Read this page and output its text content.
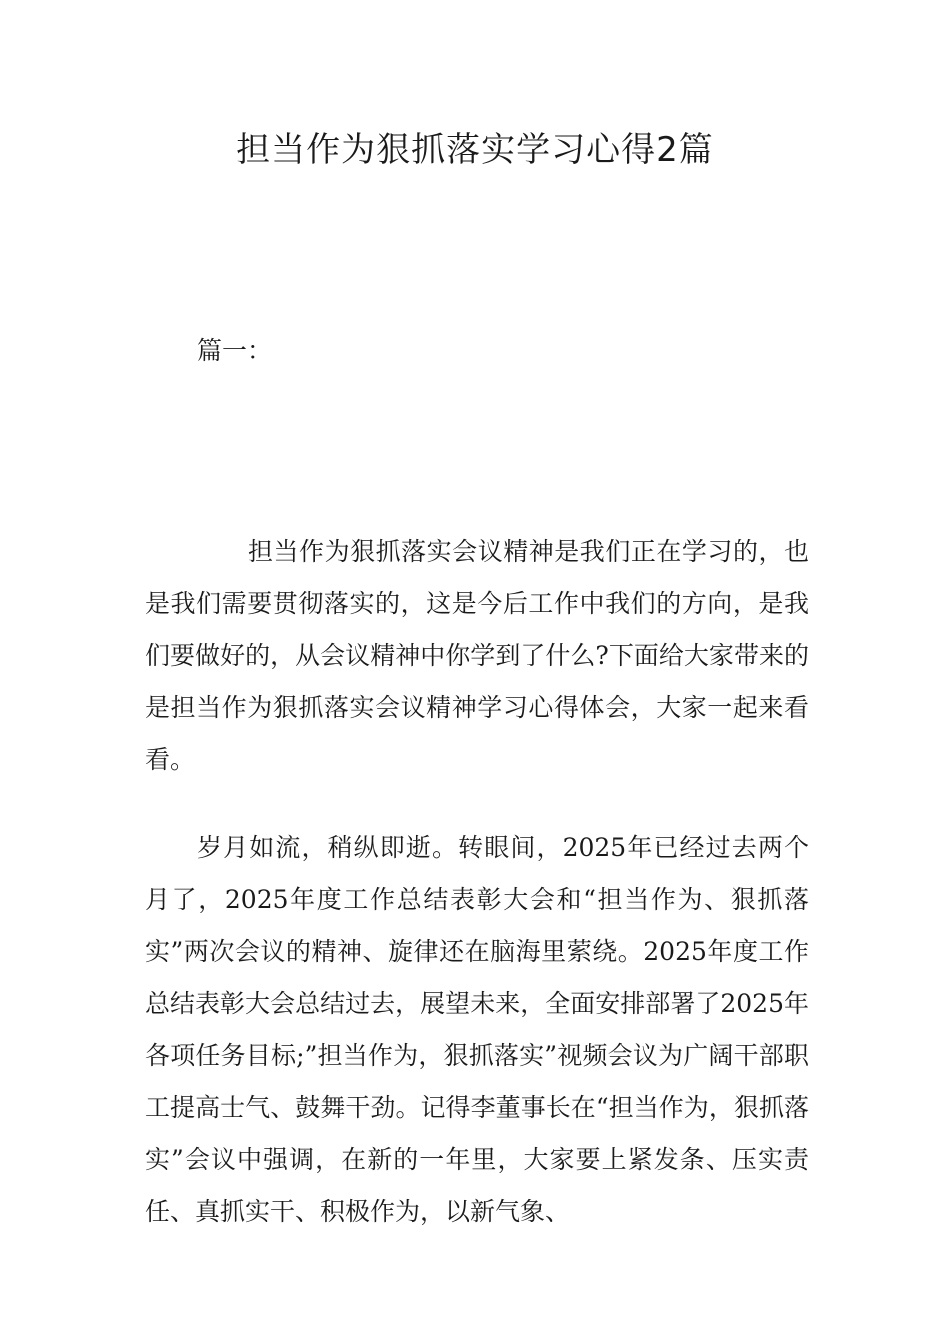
担当作为狠抓落实学习心得2篇
篇一：

担当作为狠抓落实会议精神是我们正在学习的，也是我们需要贯彻落实的，这是今后工作中我们的方向，是我们要做好的，从会议精神中你学到了什么?下面给大家带来的是担当作为狠抓落实会议精神学习心得体会，大家一起来看看。

岁月如流，稍纵即逝。转眼间，2025年已经过去两个月了，2025年度工作总结表彰大会和“担当作为、狠抓落实”两次会议的精神、旋律还在脑海里萦绕。2025年度工作总结表彰大会总结过去，展望未来，全面安排部署了2025年各项任务目标;”担当作为，狠抓落实”视频会议为广阔干部职工提高士气、鼓舞干劲。记得李董事长在“担当作为，狠抓落实”会议中强调，在新的一年里，大家要上紧发条、压实责任、真抓实干、积极作为，以新气象、
